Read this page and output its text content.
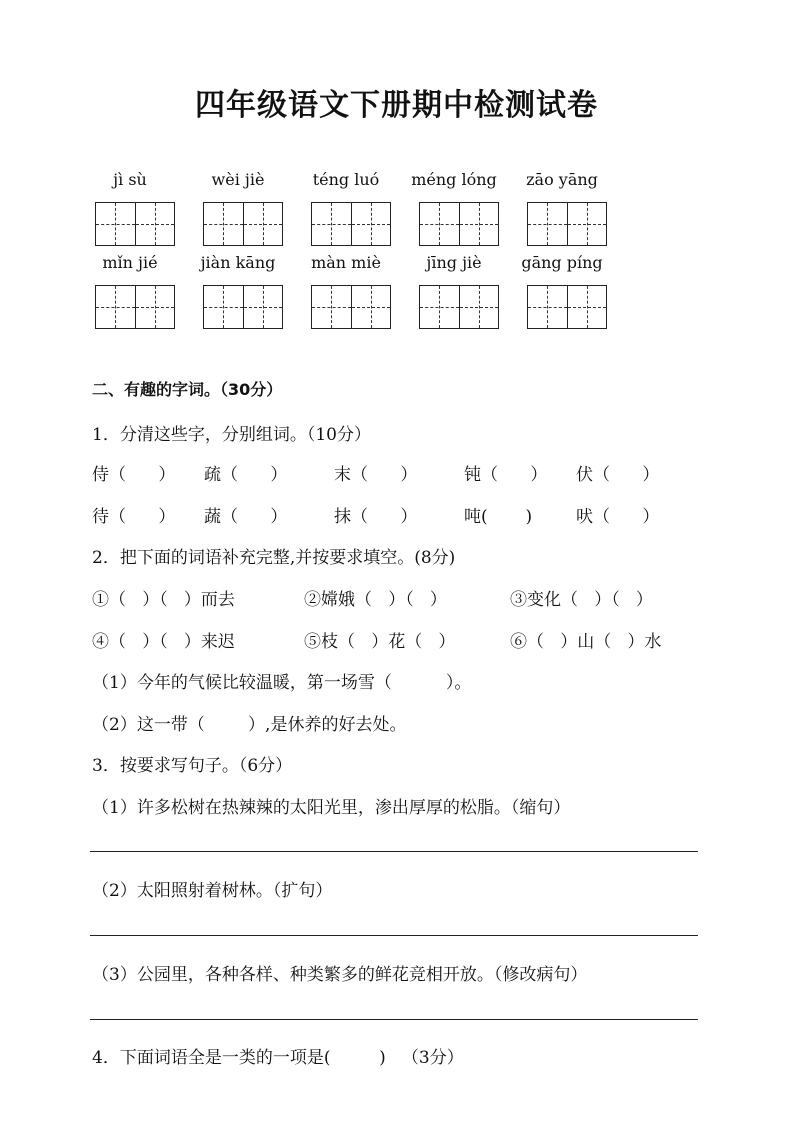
四年级语文下册期中检测试卷
jì sù	wèi jiè	téng luó	méng lóng	zāo yāng
mǐn jié	jiàn kāng	màn miè	jīng jiè	gāng píng
二、有趣的字词。（30分）
1．分清这些字，分别组词。（10分）
侍（      ） 疏（      ）	末（      ）	钝（      ） 伏（      ）
待（      ） 蔬（      ）	抹（      ）	吨(       )	吠（      ）
2．把下面的词语补充完整,并按要求填空。(8分)
①（   ）（   ）而去	②嫦娥（   ）（   ）	③变化（   ）（   ）
④（   ）（   ）来迟	⑤枝（   ）花（   ）	⑥（   ）山（   ）水
（1）今年的气候比较温暖，第一场雪（          ）。
（2）这一带（        ）,是休养的好去处。
3．按要求写句子。（6分）
（1）许多松树在热辣辣的太阳光里，渗出厚厚的松脂。（缩句）
（2）太阳照射着树林。（扩句）
（3）公园里，各种各样、种类繁多的鲜花竞相开放。（修改病句）
4．下面词语全是一类的一项是(         )   （3分）
